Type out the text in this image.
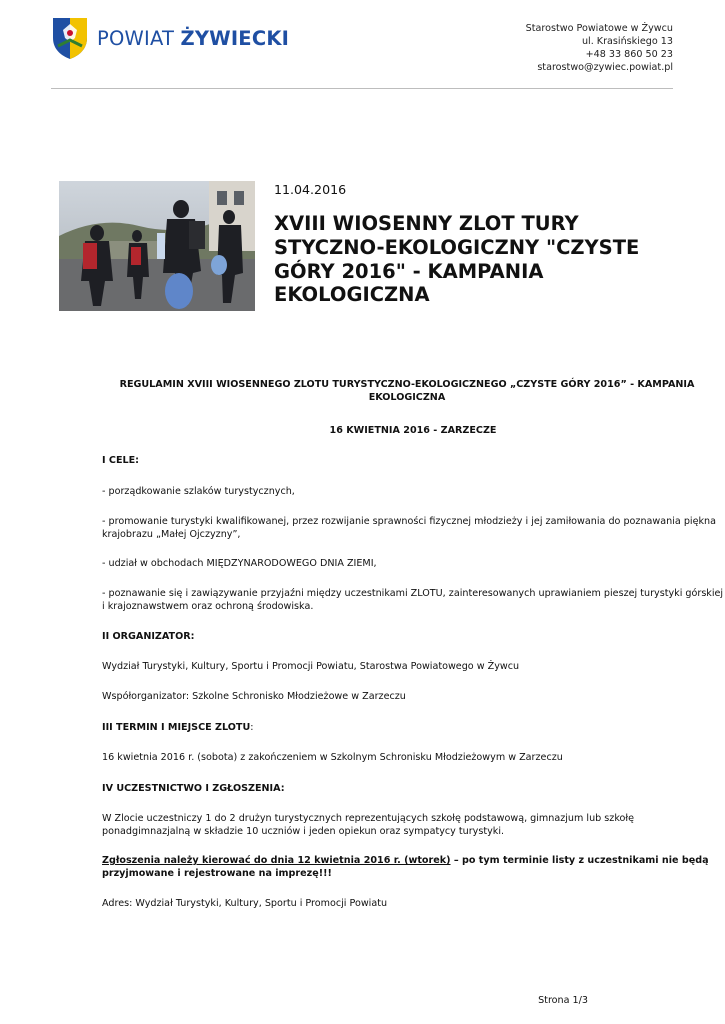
POWIAT ŻYWIECKI	Starostwo Powiatowe w Żywcu
ul. Krasińskiego 13
+48 33 860 50 23
starostwo@zywiec.powiat.pl
11.04.2016
XVIII WIOSENNY ZLOT TURY STYCZNO-EKOLOGICZNY "CZYSTE GÓRY 2016" - KAMPANIA EKOLOGICZNA
REGULAMIN XVIII WIOSENNEGO ZLOTU TURYSTYCZNO-EKOLOGICZNEGO „CZYSTE GÓRY 2016” - KAMPANIA EKOLOGICZNA
16 KWIETNIA 2016 - ZARZECZE
I CELE:
- porządkowanie szlaków turystycznych,
- promowanie turystyki kwalifikowanej, przez rozwijanie sprawności fizycznej młodzieży i jej zamiłowania do poznawania piękna krajobrazu „Małej Ojczyzny”,
- udział w obchodach MIĘDZYNARODOWEGO DNIA ZIEMI,
- poznawanie się i zawiązywanie przyjaźni między uczestnikami ZLOTU, zainteresowanych uprawianiem pieszej turystyki górskiej i krajoznawstwem oraz ochroną środowiska.
II ORGANIZATOR:
Wydział Turystyki, Kultury, Sportu i Promocji Powiatu, Starostwa Powiatowego w Żywcu
Współorganizator: Szkolne Schronisko Młodzieżowe w Zarzeczu
III TERMIN I MIEJSCE ZLOTU:
16 kwietnia 2016 r. (sobota) z zakończeniem w Szkolnym Schronisku Młodzieżowym w Zarzeczu
IV UCZESTNICTWO I ZGŁOSZENIA:
W Zlocie uczestniczy 1 do 2 drużyn turystycznych reprezentujących szkołę podstawową, gimnazjum lub szkołę ponadgimnazjalną w składzie 10 uczniów i jeden opiekun oraz sympatycy turystyki.
Zgłoszenia należy kierować do dnia 12 kwietnia 2016 r. (wtorek) – po tym terminie listy z uczestnikami nie będą przyjmowane i rejestrowane na imprezę!!!
Adres: Wydział Turystyki, Kultury, Sportu i Promocji Powiatu
Strona 1/3
